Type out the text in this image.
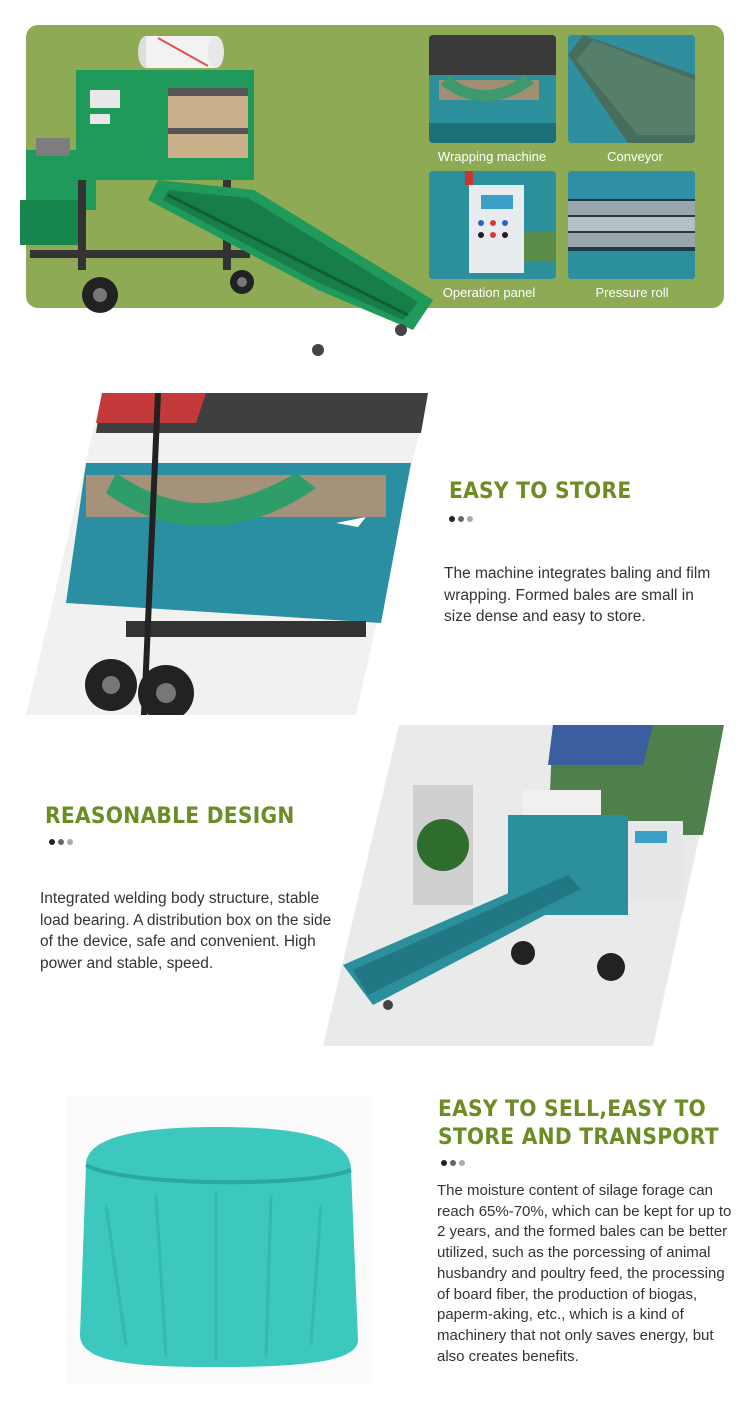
Wrapping machine	Conveyor
Operation panel	Pressure roll
EASY TO STORE
The machine integrates baling and film wrapping. Formed bales are small in size dense and easy to store.
REASONABLE DESIGN
Integrated welding body structure, stable load bearing. A distribution box on the side of the device, safe and convenient. High power and stable, speed.
EASY TO SELL,EASY TO
STORE AND TRANSPORT
The moisture content of silage forage can reach 65%-70%, which can be kept for up to 2 years, and the formed bales can be better utilized, such as the porcessing of animal husbandry and poultry feed, the processing of board fiber, the production of biogas, paperm-aking, etc., which is a kind of machinery that not only saves energy, but also creates benefits.
